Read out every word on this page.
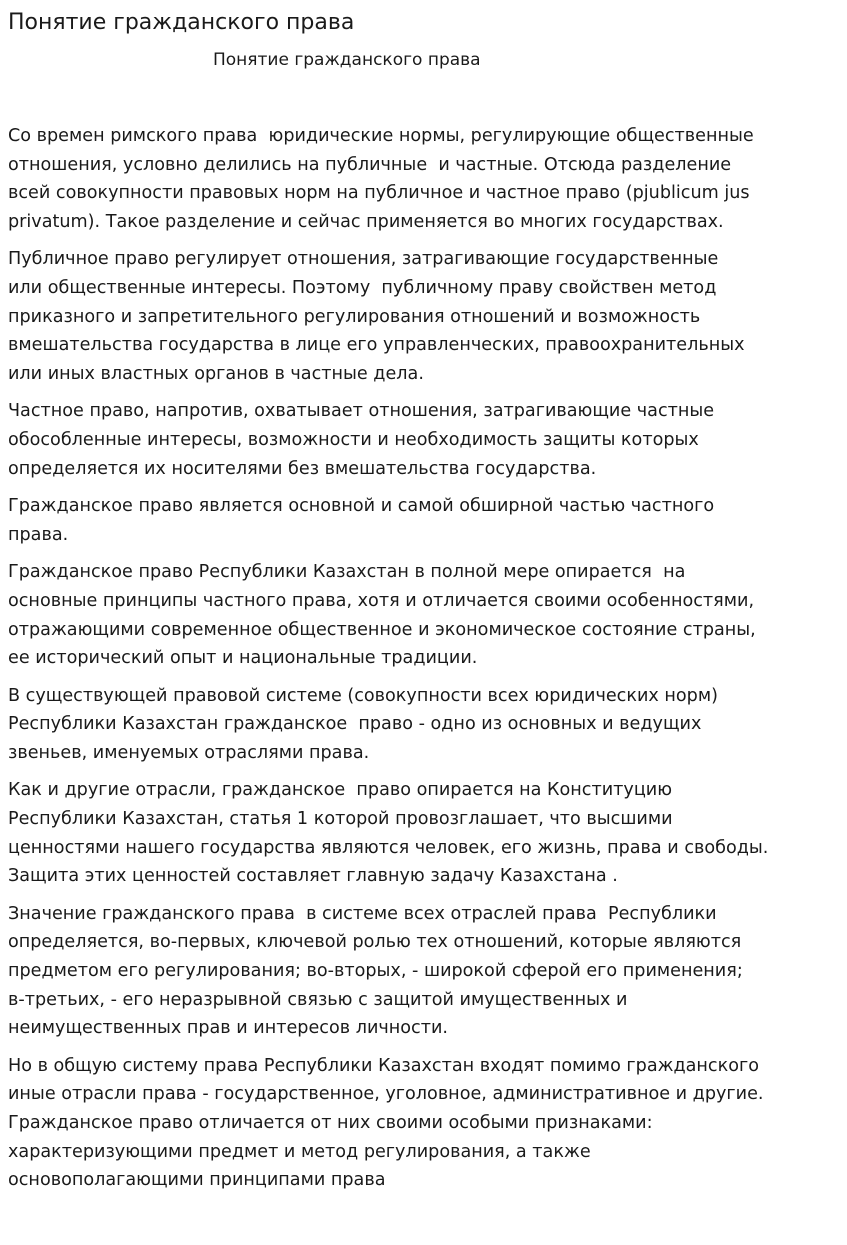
Понятие гражданского права
Понятие гражданского права

Со времен римского права  юридические нормы, регулирующие общественные
отношения, условно делились на публичные  и частные. Отсюда разделение
всей совокупности правовых норм на публичное и частное право (pjublicum jus
privatum). Такое разделение и сейчас применяется во многих государствах.

Публичное право регулирует отношения, затрагивающие государственные
или общественные интересы. Поэтому  публичному праву свойствен метод
приказного и запретительного регулирования отношений и возможность
вмешательства государства в лице его управленческих, правоохранительных
или иных властных органов в частные дела.

Частное право, напротив, охватывает отношения, затрагивающие частные
обособленные интересы, возможности и необходимость защиты которых
определяется их носителями без вмешательства государства.

Гражданское право является основной и самой обширной частью частного
права.

Гражданское право Республики Казахстан в полной мере опирается  на
основные принципы частного права, хотя и отличается своими особенностями,
отражающими современное общественное и экономическое состояние страны,
ее исторический опыт и национальные традиции.

В существующей правовой системе (совокупности всех юридических норм)
Республики Казахстан гражданское  право - одно из основных и ведущих
звеньев, именуемых отраслями права.

Как и другие отрасли, гражданское  право опирается на Конституцию
Республики Казахстан, статья 1 которой провозглашает, что высшими
ценностями нашего государства являются человек, его жизнь, права и свободы.
Защита этих ценностей составляет главную задачу Казахстана .

Значение гражданского права  в системе всех отраслей права  Республики
определяется, во-первых, ключевой ролью тех отношений, которые являются
предметом его регулирования; во-вторых, - широкой сферой его применения;
в-третьих, - его неразрывной связью с защитой имущественных и
неимущественных прав и интересов личности.

Но в общую систему права Республики Казахстан входят помимо гражданского
иные отрасли права - государственное, уголовное, административное и другие.
Гражданское право отличается от них своими особыми признаками:
характеризующими предмет и метод регулирования, а также
основополагающими принципами права
